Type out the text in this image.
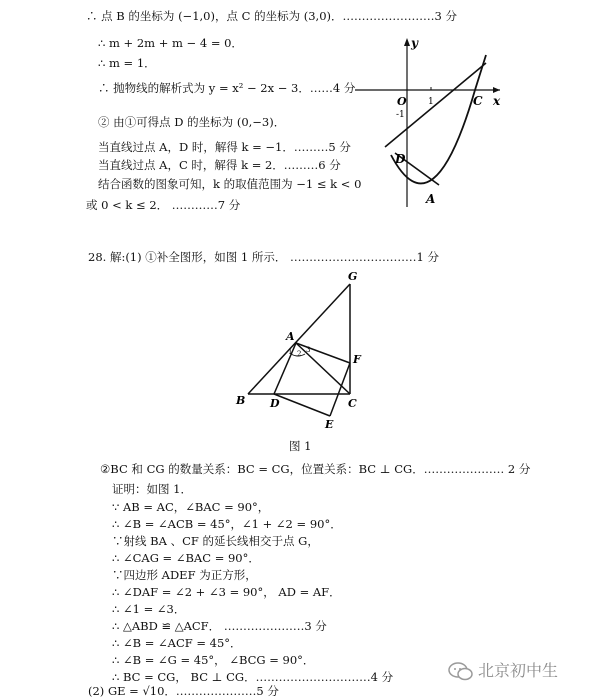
∴ 点 B 的坐标为 (−1,0)，点 C 的坐标为 (3,0)．……………………3 分
∴ m + 2m + m − 4 = 0．
∴ m = 1．
∴ 抛物线的解析式为 y = x² − 2x − 3．……4 分
② 由①可得点 D 的坐标为 (0,−3)．
当直线过点 A，D 时，解得 k = −1．………5 分
当直线过点 A，C 时，解得 k = 2．………6 分
结合函数的图象可知，k 的取值范围为 −1 ≤ k < 0
或 0 < k ≤ 2． …………7 分
y
x
O 1
-1
C
D
A
28. 解:(1) ①补全图形，如图 1 所示． ……………………………1 分
A
G
F
B D	C
E
1 2 3
图 1
②BC 和 CG 的数量关系：BC = CG，位置关系：BC ⊥ CG．………………… 2 分
证明：如图 1．
∵ AB = AC，∠BAC = 90°，
∴ ∠B = ∠ACB = 45°，∠1 + ∠2 = 90°．
∵射线 BA 、CF 的延长线相交于点 G，
∴ ∠CAG = ∠BAC = 90°．
∵四边形 ADEF 为正方形，
∴ ∠DAF = ∠2 + ∠3 = 90°， AD = AF．
∴ ∠1 = ∠3．
∴ △ABD ≌ △ACF． …………………3 分
∴ ∠B = ∠ACF = 45°．
∴ ∠B = ∠G = 45°， ∠BCG = 90°．
∴ BC = CG， BC ⊥ CG．…………………………4 分
(2) GE = √10．…………………5 分
北京初中生
